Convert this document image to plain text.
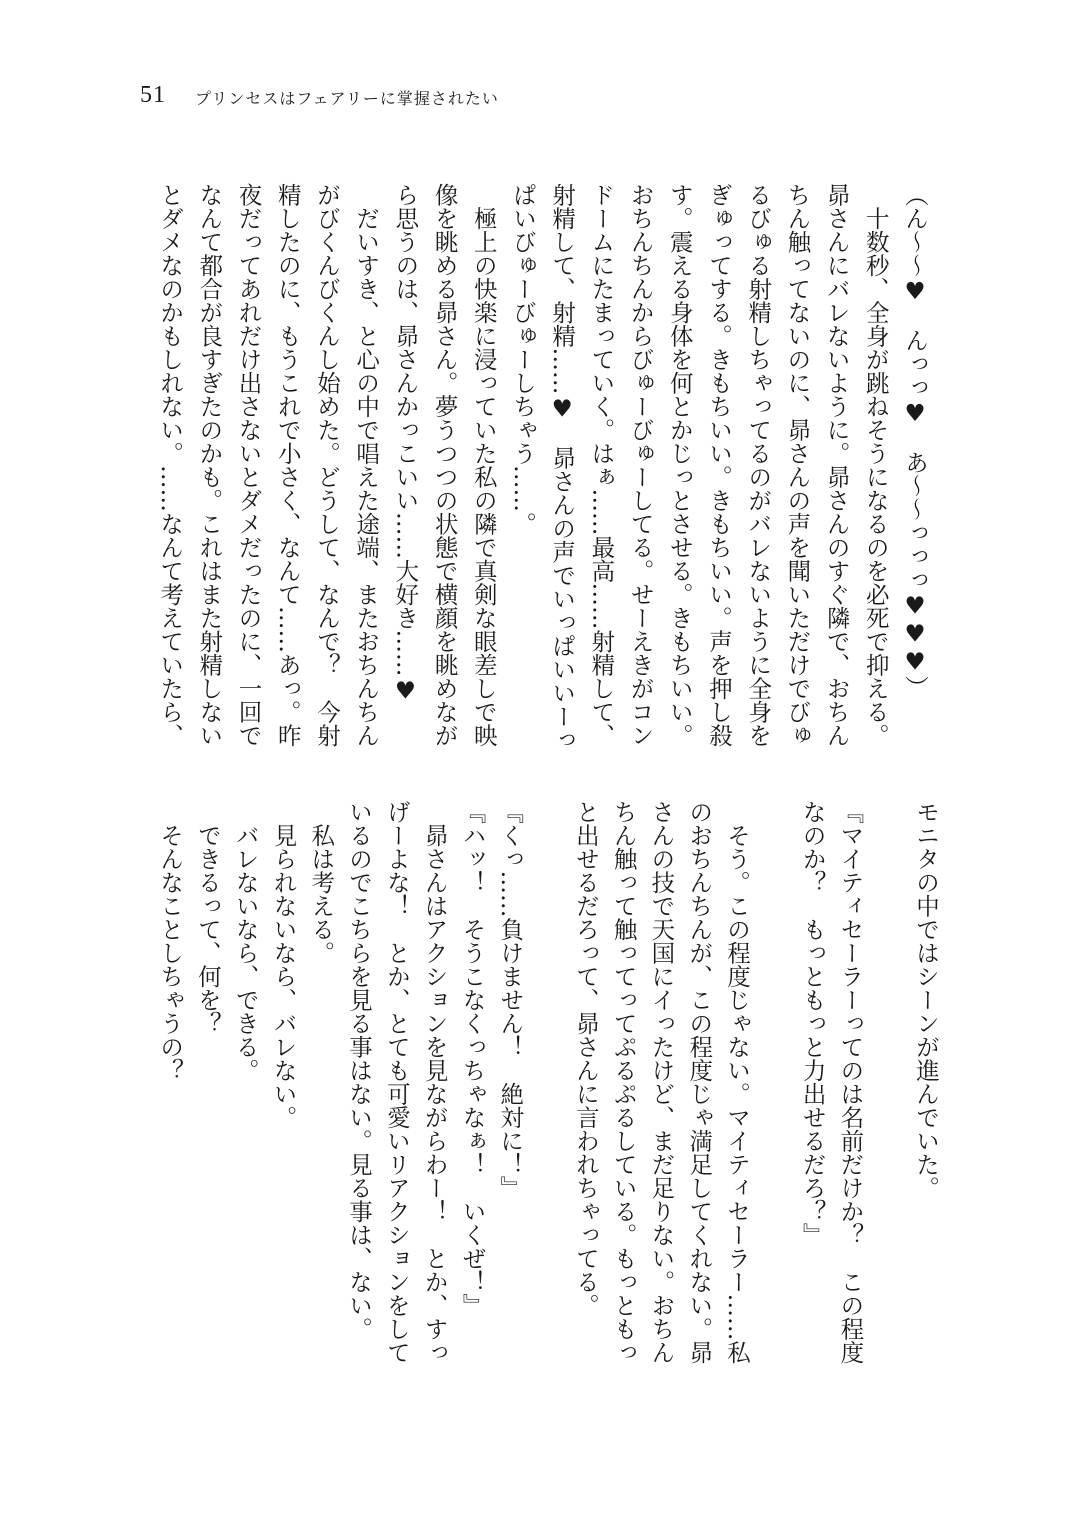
51 プリンセスはフェアリーに掌握されたい
（ん〜〜♥　んっっ♥　あ〜〜っっっ♥♥♥）
　十数秒、全身が跳ねそうになるのを必死で抑える。
昴さんにバレないように。昴さんのすぐ隣で、おちん
ちん触ってないのに、昴さんの声を聞いただけでびゅ
るびゅる射精しちゃってるのがバレないように全身を
ぎゅってする。きもちいい。きもちいい。声を押し殺
す。震える身体を何とかじっとさせる。きもちいい。
おちんちんからびゅーびゅーしてる。せーえきがコン
ドームにたまっていく。はぁ……最高……射精して、
射精して、射精……♥　昴さんの声でいっぱいいーっ
ぱいびゅーびゅーしちゃう……。
　極上の快楽に浸っていた私の隣で真剣な眼差しで映
像を眺める昴さん。夢うつつの状態で横顔を眺めなが
ら思うのは、昴さんかっこいい……大好き……♥
　だいすき、と心の中で唱えた途端、またおちんちん
がびくんびくんし始めた。どうして、なんで？　今射
精したのに、もうこれで小さく、なんて……あっ。昨
夜だってあれだけ出さないとダメだったのに、一回で
なんて都合が良すぎたのかも。これはまた射精しない
とダメなのかもしれない。……なんて考えていたら、
モニタの中ではシーンが進んでいた。
『マイティセーラーってのは名前だけか？　この程度
なのか？　もっともっと力出せるだろ？』
　そう。この程度じゃない。マイティセーラー……私
のおちんちんが、この程度じゃ満足してくれない。昴
さんの技で天国にイったけど、まだ足りない。おちん
ちん触って触ってってぷるぷるしている。もっともっ
と出せるだろって、昴さんに言われちゃってる。
『くっ……負けません！　絶対に！』
『ハッ！　そうこなくっちゃなぁ！　いくぜ！』
　昴さんはアクションを見ながらわー！　とか、すっ
げーよな！　とか、とても可愛いリアクションをして
いるのでこちらを見る事はない。見る事は、ない。
　私は考える。
　見られないなら、バレない。
　バレないなら、できる。
　できるって、何を？
　そんなことしちゃうの？
